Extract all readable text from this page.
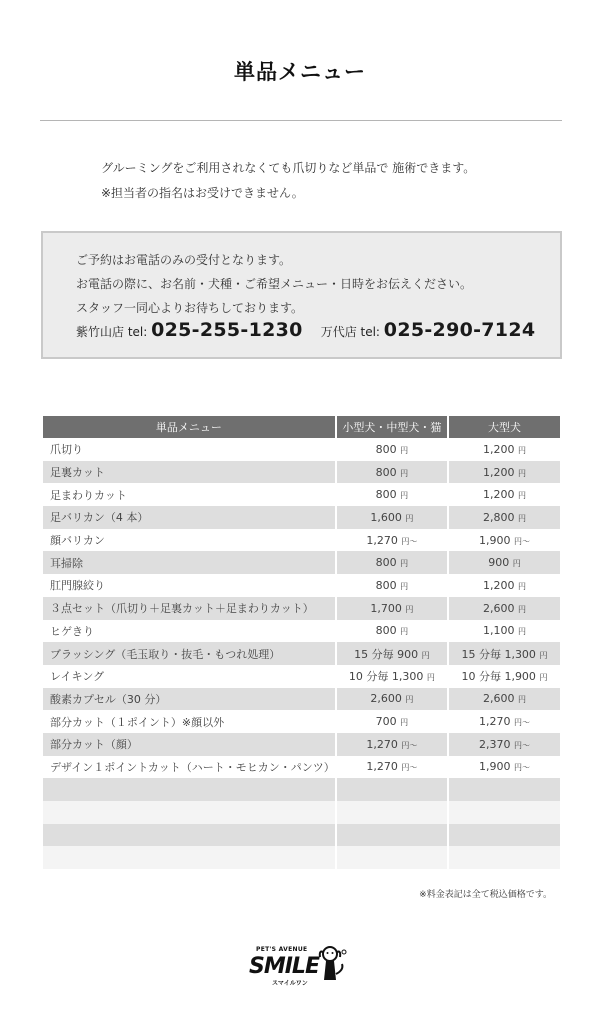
単品メニュー

グルーミングをご利用されなくても爪切りなど単品で 施術できます。

※担当者の指名はお受けできません。

ご予約はお電話のみの受付となります。
お電話の際に、お名前・犬種・ご希望メニュー・日時をお伝えください。
スタッフ一同心よりお待ちしております。
紫竹山店 tel: 025-255-1230 万代店 tel: 025-290-7124
単品メニュー	小型犬・中型犬・猫	大型犬
爪切り	800 円	1,200 円
足裏カット	800 円	1,200 円
足まわりカット	800 円	1,200 円
足バリカン（4 本）	1,600 円	2,800 円
顔バリカン	1,270 円〜	1,900 円〜
耳掃除	800 円	900 円
肛門腺絞り	800 円	1,200 円
３点セット（爪切り＋足裏カット＋足まわりカット）	1,700 円	2,600 円
ヒゲきり	800 円	1,100 円
ブラッシング（毛玉取り・抜毛・もつれ処理）	15 分毎 900 円	15 分毎 1,300 円
レイキング	10 分毎 1,300 円	10 分毎 1,900 円
酸素カプセル（30 分）	2,600 円	2,600 円
部分カット（１ポイント）※顔以外	700 円	1,270 円〜
部分カット（顔）	1,270 円〜	2,370 円〜
デザイン１ポイントカット（ハート・モヒカン・パンツ）	1,270 円〜	1,900 円〜

※料金表記は全て税込価格です。
PET'S AVENUE
SMILE
スマイルワン
